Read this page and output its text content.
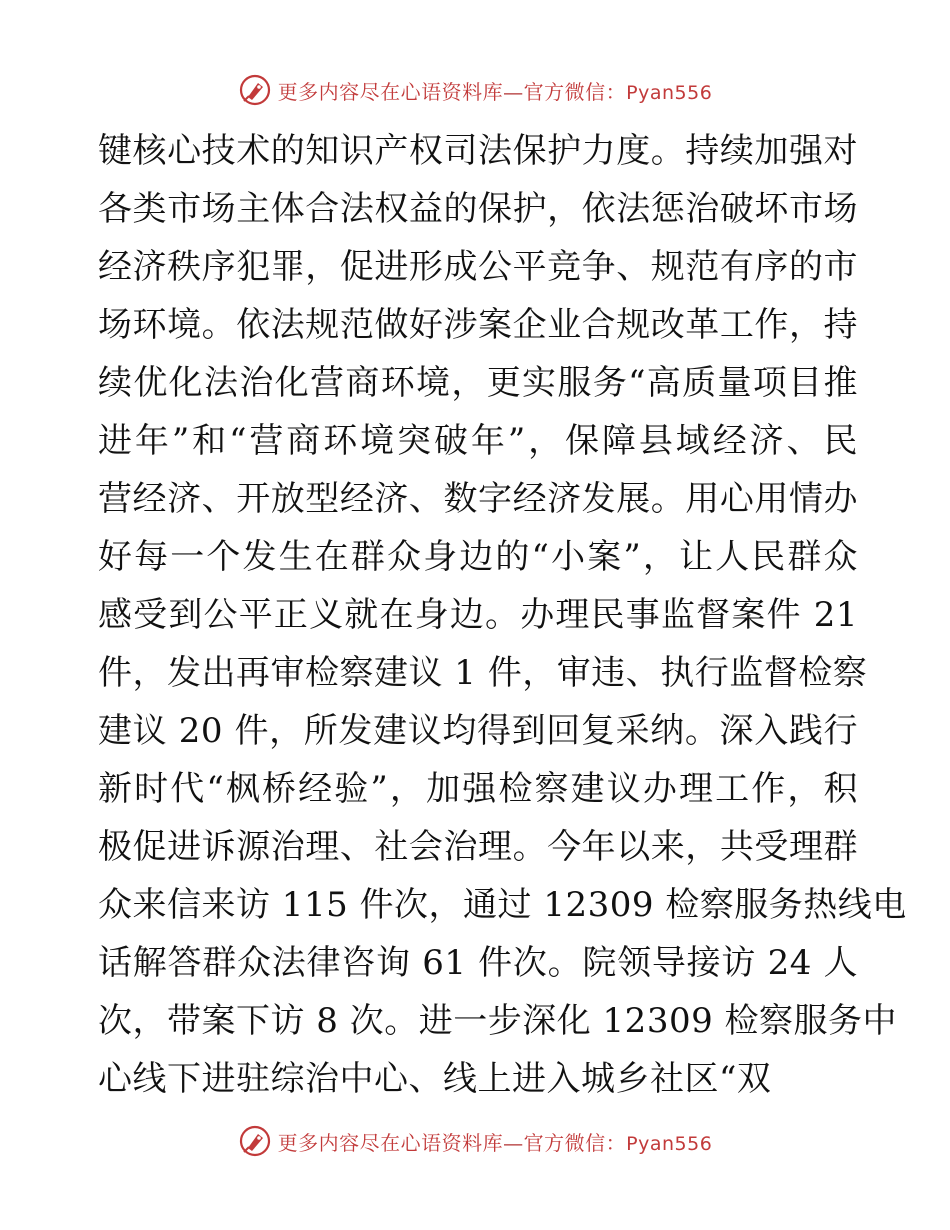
更多内容尽在心语资料库—官方微信：Pyan556
键核心技术的知识产权司法保护力度。持续加强对
各类市场主体合法权益的保护，依法惩治破坏市场
经济秩序犯罪，促进形成公平竞争、规范有序的市
场环境。依法规范做好涉案企业合规改革工作，持
续优化法治化营商环境，更实服务“高质量项目推
进年”和“营商环境突破年”，保障县域经济、民
营经济、开放型经济、数字经济发展。用心用情办
好每一个发生在群众身边的“小案”，让人民群众
感受到公平正义就在身边。办理民事监督案件 21
件，发出再审检察建议 1 件，审违、执行监督检察
建议 20 件，所发建议均得到回复采纳。深入践行
新时代“枫桥经验”，加强检察建议办理工作，积
极促进诉源治理、社会治理。今年以来，共受理群
众来信来访 115 件次，通过 12309 检察服务热线电
话解答群众法律咨询 61 件次。院领导接访 24 人
次，带案下访 8 次。进一步深化 12309 检察服务中
心线下进驻综治中心、线上进入城乡社区“双
更多内容尽在心语资料库—官方微信：Pyan556
